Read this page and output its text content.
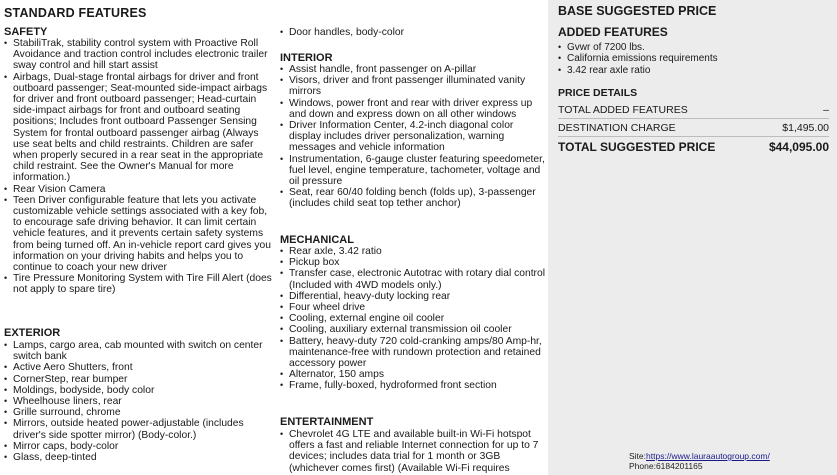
STANDARD FEATURES
SAFETY
• StabiliTrak, stability control system with Proactive Roll Avoidance and traction control includes electronic trailer sway control and hill start assist
• Airbags, Dual-stage frontal airbags for driver and front outboard passenger; Seat-mounted side-impact airbags for driver and front outboard passenger; Head-curtain side-impact airbags for front and outboard seating positions; Includes front outboard Passenger Sensing System for frontal outboard passenger airbag (Always use seat belts and child restraints. Children are safer when properly secured in a rear seat in the appropriate child restraint. See the Owner's Manual for more information.)
• Rear Vision Camera
• Teen Driver configurable feature that lets you activate customizable vehicle settings associated with a key fob, to encourage safe driving behavior. It can limit certain vehicle features, and it prevents certain safety systems from being turned off. An in-vehicle report card gives you information on your driving habits and helps you to continue to coach your new driver
• Tire Pressure Monitoring System with Tire Fill Alert (does not apply to spare tire)
EXTERIOR
• Lamps, cargo area, cab mounted with switch on center switch bank
• Active Aero Shutters, front
• CornerStep, rear bumper
• Moldings, bodyside, body color
• Wheelhouse liners, rear
• Grille surround, chrome
• Mirrors, outside heated power-adjustable (includes driver's side spotter mirror) (Body-color.)
• Mirror caps, body-color
• Glass, deep-tinted
• Door handles, body-color
INTERIOR
• Assist handle, front passenger on A-pillar
• Visors, driver and front passenger illuminated vanity mirrors
• Windows, power front and rear with driver express up and down and express down on all other windows
• Driver Information Center, 4.2-inch diagonal color display includes driver personalization, warning messages and vehicle information
• Instrumentation, 6-gauge cluster featuring speedometer, fuel level, engine temperature, tachometer, voltage and oil pressure
• Seat, rear 60/40 folding bench (folds up), 3-passenger (includes child seat top tether anchor)
MECHANICAL
• Rear axle, 3.42 ratio
• Pickup box
• Transfer case, electronic Autotrac with rotary dial control (Included with 4WD models only.)
• Differential, heavy-duty locking rear
• Four wheel drive
• Cooling, external engine oil cooler
• Cooling, auxiliary external transmission oil cooler
• Battery, heavy-duty 720 cold-cranking amps/80 Amp-hr, maintenance-free with rundown protection and retained accessory power
• Alternator, 150 amps
• Frame, fully-boxed, hydroformed front section
ENTERTAINMENT
• Chevrolet 4G LTE and available built-in Wi-Fi hotspot offers a fast and reliable Internet connection for up to 7 devices; includes data trial for 1 month or 3GB (whichever comes first) (Available Wi-Fi requires
BASE SUGGESTED PRICE
ADDED FEATURES
• Gvwr of 7200 lbs.
• California emissions requirements
• 3.42 rear axle ratio
PRICE DETAILS
TOTAL ADDED FEATURES	–
DESTINATION CHARGE	$1,495.00
TOTAL SUGGESTED PRICE	$44,095.00
Site:https://www.lauraautogroup.com/
Phone:6184201165
